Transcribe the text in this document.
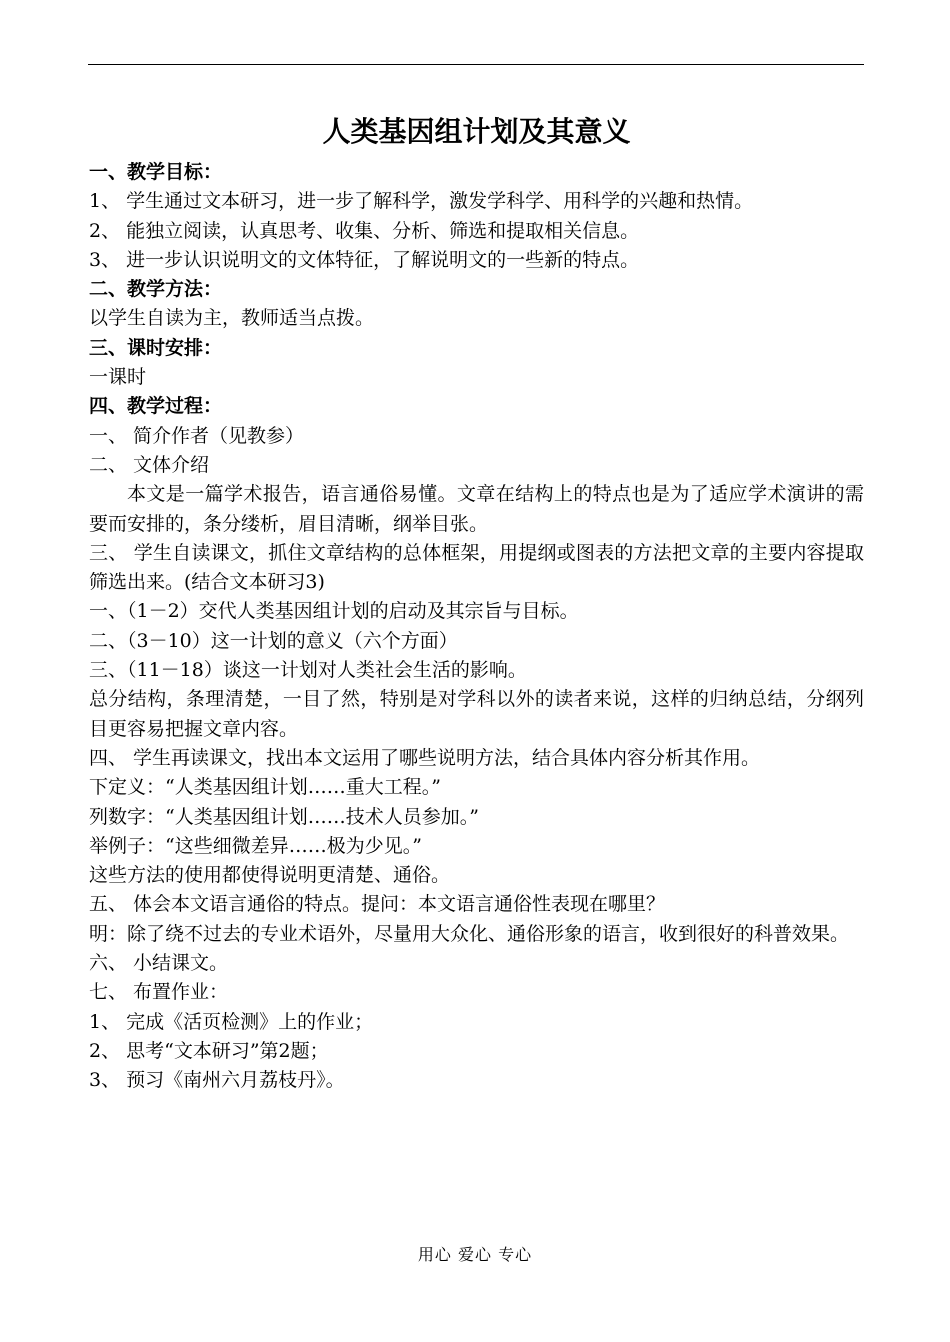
人类基因组计划及其意义
一、教学目标：
1、 学生通过文本研习，进一步了解科学，激发学科学、用科学的兴趣和热情。
2、 能独立阅读，认真思考、收集、分析、筛选和提取相关信息。
3、 进一步认识说明文的文体特征，了解说明文的一些新的特点。
二、教学方法：
以学生自读为主，教师适当点拨。
三、课时安排：
一课时
四、教学过程：
一、 简介作者（见教参）
二、 文体介绍
本文是一篇学术报告，语言通俗易懂。文章在结构上的特点也是为了适应学术演讲的需要而安排的，条分缕析，眉目清晰，纲举目张。
三、 学生自读课文，抓住文章结构的总体框架，用提纲或图表的方法把文章的主要内容提取筛选出来。(结合文本研习3)
一、（1－2）交代人类基因组计划的启动及其宗旨与目标。
二、（3－10）这一计划的意义（六个方面）
三、（11－18）谈这一计划对人类社会生活的影响。
总分结构，条理清楚，一目了然，特别是对学科以外的读者来说，这样的归纳总结，分纲列目更容易把握文章内容。
四、 学生再读课文，找出本文运用了哪些说明方法，结合具体内容分析其作用。
下定义：“人类基因组计划……重大工程。”
列数字：“人类基因组计划……技术人员参加。”
举例子：“这些细微差异……极为少见。”
这些方法的使用都使得说明更清楚、通俗。
五、 体会本文语言通俗的特点。提问：本文语言通俗性表现在哪里？
明：除了绕不过去的专业术语外，尽量用大众化、通俗形象的语言，收到很好的科普效果。
六、 小结课文。
七、 布置作业：
1、 完成《活页检测》上的作业；
2、 思考“文本研习”第2题；
3、 预习《南州六月荔枝丹》。
用心 爱心 专心
